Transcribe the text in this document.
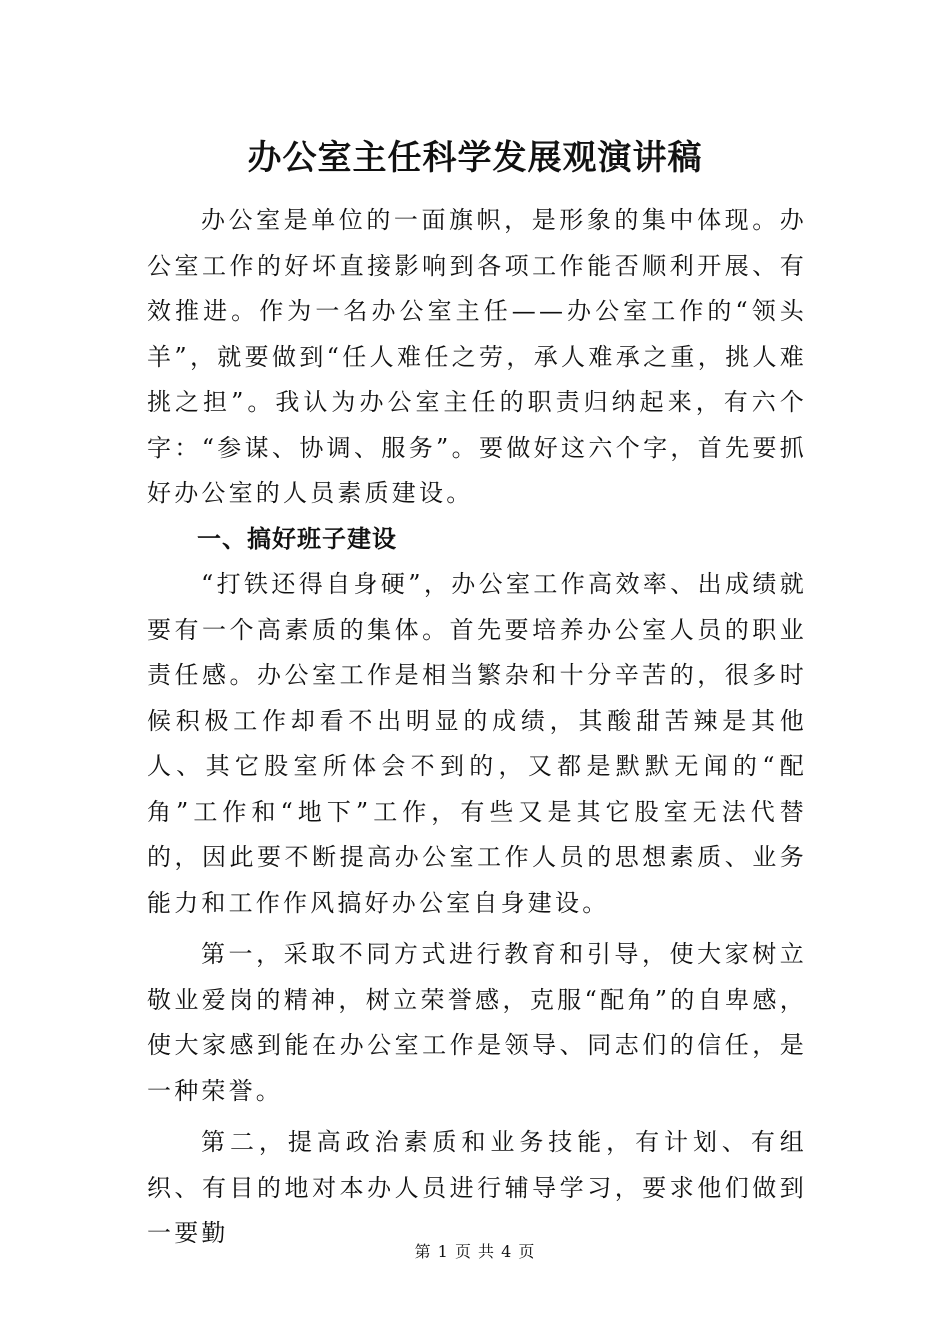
办公室主任科学发展观演讲稿

办公室是单位的一面旗帜，是形象的集中体现。办公室工作的好坏直接影响到各项工作能否顺利开展、有效推进。作为一名办公室主任——办公室工作的“领头羊”，就要做到“任人难任之劳，承人难承之重，挑人难挑之担”。我认为办公室主任的职责归纳起来，有六个字：“参谋、协调、服务”。要做好这六个字，首先要抓好办公室的人员素质建设。

一、搞好班子建设

“打铁还得自身硬”，办公室工作高效率、出成绩就要有一个高素质的集体。首先要培养办公室人员的职业责任感。办公室工作是相当繁杂和十分辛苦的，很多时候积极工作却看不出明显的成绩，其酸甜苦辣是其他人、其它股室所体会不到的，又都是默默无闻的“配角”工作和“地下”工作，有些又是其它股室无法代替的，因此要不断提高办公室工作人员的思想素质、业务能力和工作作风搞好办公室自身建设。

第一，采取不同方式进行教育和引导，使大家树立敬业爱岗的精神，树立荣誉感，克服“配角”的自卑感，使大家感到能在办公室工作是领导、同志们的信任，是一种荣誉。

第二，提高政治素质和业务技能，有计划、有组织、有目的地对本办人员进行辅导学习，要求他们做到一要勤

第 1 页 共 4 页
